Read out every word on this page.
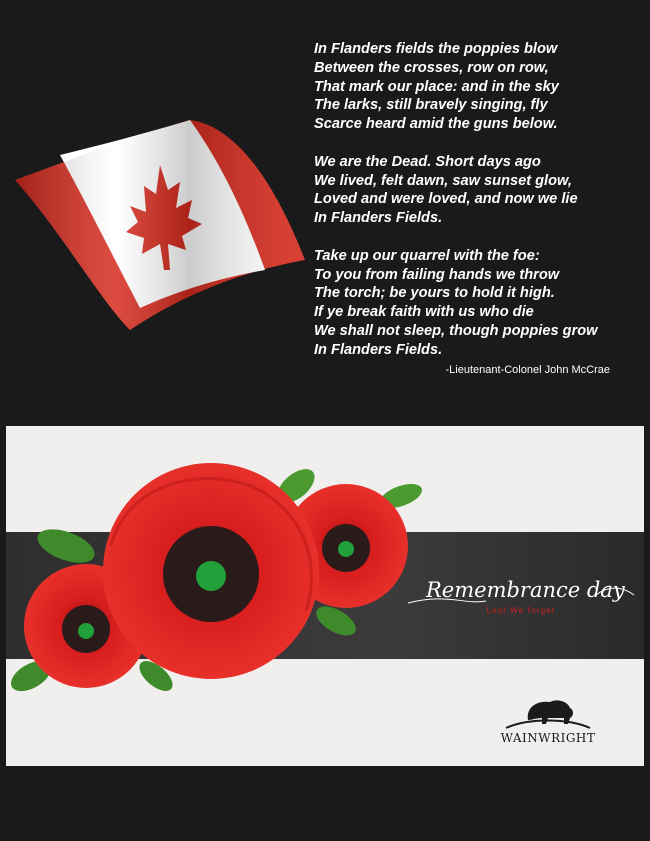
In Flanders fields the poppies blow
Between the crosses, row on row,
That mark our place: and in the sky
The larks, still bravely singing, fly
Scarce heard amid the guns below.
We are the Dead. Short days ago
We lived, felt dawn, saw sunset glow,
Loved and were loved, and now we lie
In Flanders Fields.
Take up our quarrel with the foe:
To you from failing hands we throw
The torch; be yours to hold it high.
If ye break faith with us who die
We shall not sleep, though poppies grow
In Flanders Fields.
-Lieutenant-Colonel John McCrae
Remembrance day
Lest We forget
WAINWRIGHT
